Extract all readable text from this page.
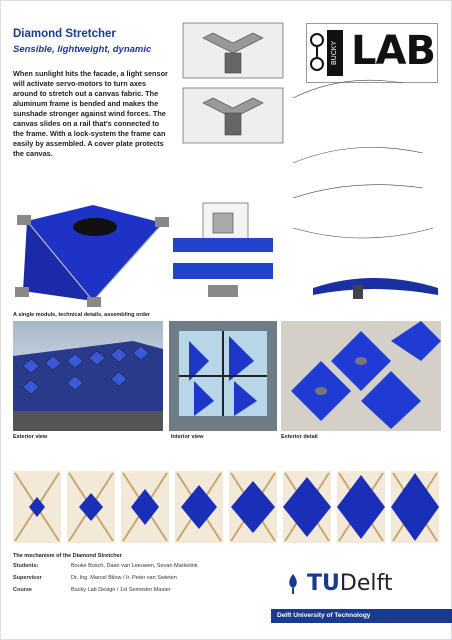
Diamond Stretcher
Sensible, lightweight, dynamic
When sunlight hits the facade, a light sensor will activate servo-motors to turn axes around to stretch out a canvas fabric. The aluminum frame is bended and makes the sunshade stronger against wind forces. The canvas slides on a rail that's connected to the frame. With a lock-system the frame can easily by assembled. A cover plate protects the canvas.
BUCKY LAB
A single module, technical details, assembling order
Exterior view	Interior view	Exterior detail
The mechanism of the Diamond Stretcher
Students:	Bouke Bosch, Daan van Leeuwen, Sevan Markelink
Supervisor	Dr. Ing. Marcel Bilow / Ir. Peter van Swieten
Course	Bucky Lab Design / 1st Semester Master	TUDelft
Delft University of Technology
